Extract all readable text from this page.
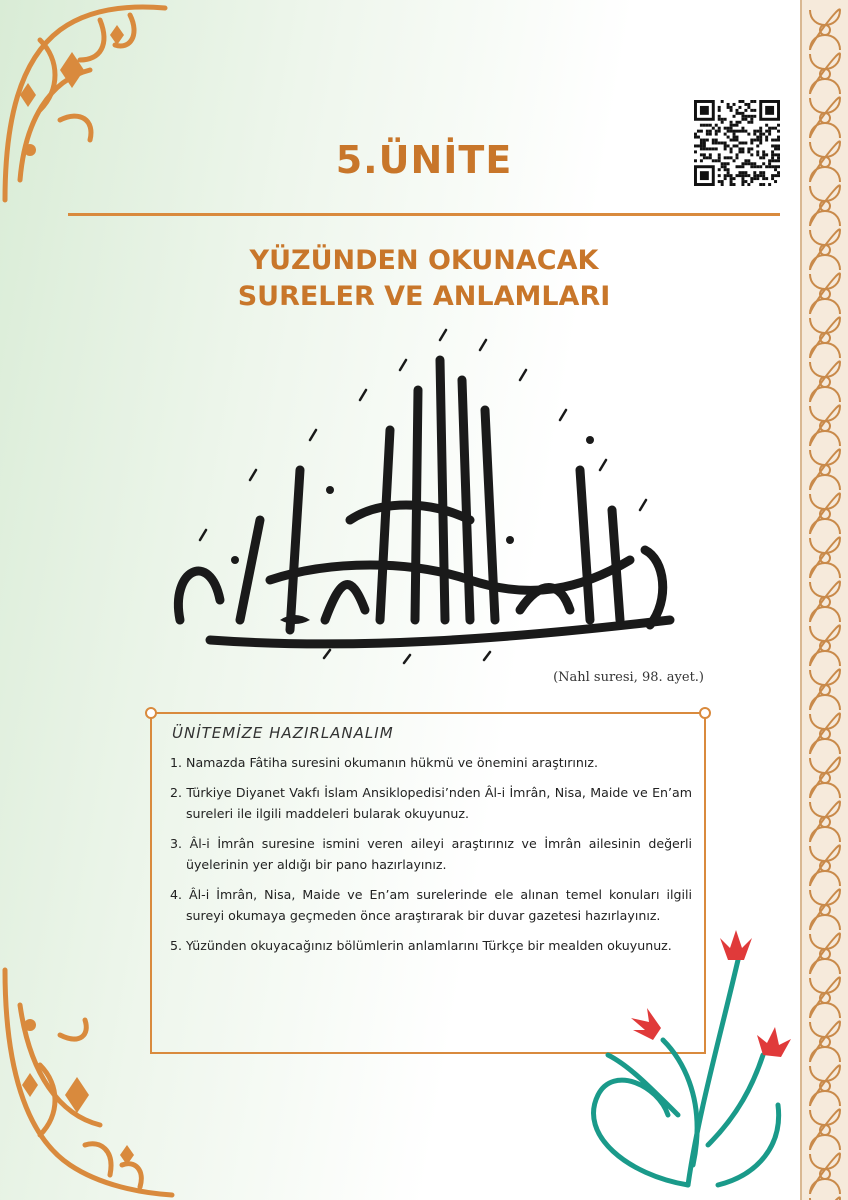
5.ÜNİTE
YÜZÜNDEN OKUNACAK
SURELER VE ANLAMLARI
(Nahl suresi, 98. ayet.)
ÜNİTEMİZE HAZIRLANALIM
1. Namazda Fâtiha suresini okumanın hükmü ve önemini araştırınız.
2. Türkiye Diyanet Vakfı İslam Ansiklopedisi’nden Âl-i İmrân, Nisa, Maide ve En’am sureleri ile ilgili maddeleri bularak okuyunuz.
3. Âl-i İmrân suresine ismini veren aileyi araştırınız ve İmrân ailesinin değerli üyelerinin yer aldığı bir pano hazırlayınız.
4. Âl-i İmrân, Nisa, Maide ve En’am surelerinde ele alınan temel konuları ilgili sureyi okumaya geçmeden önce araştırarak bir duvar gazetesi hazırlayınız.
5. Yüzünden okuyacağınız bölümlerin anlamlarını Türkçe bir mealden okuyunuz.
